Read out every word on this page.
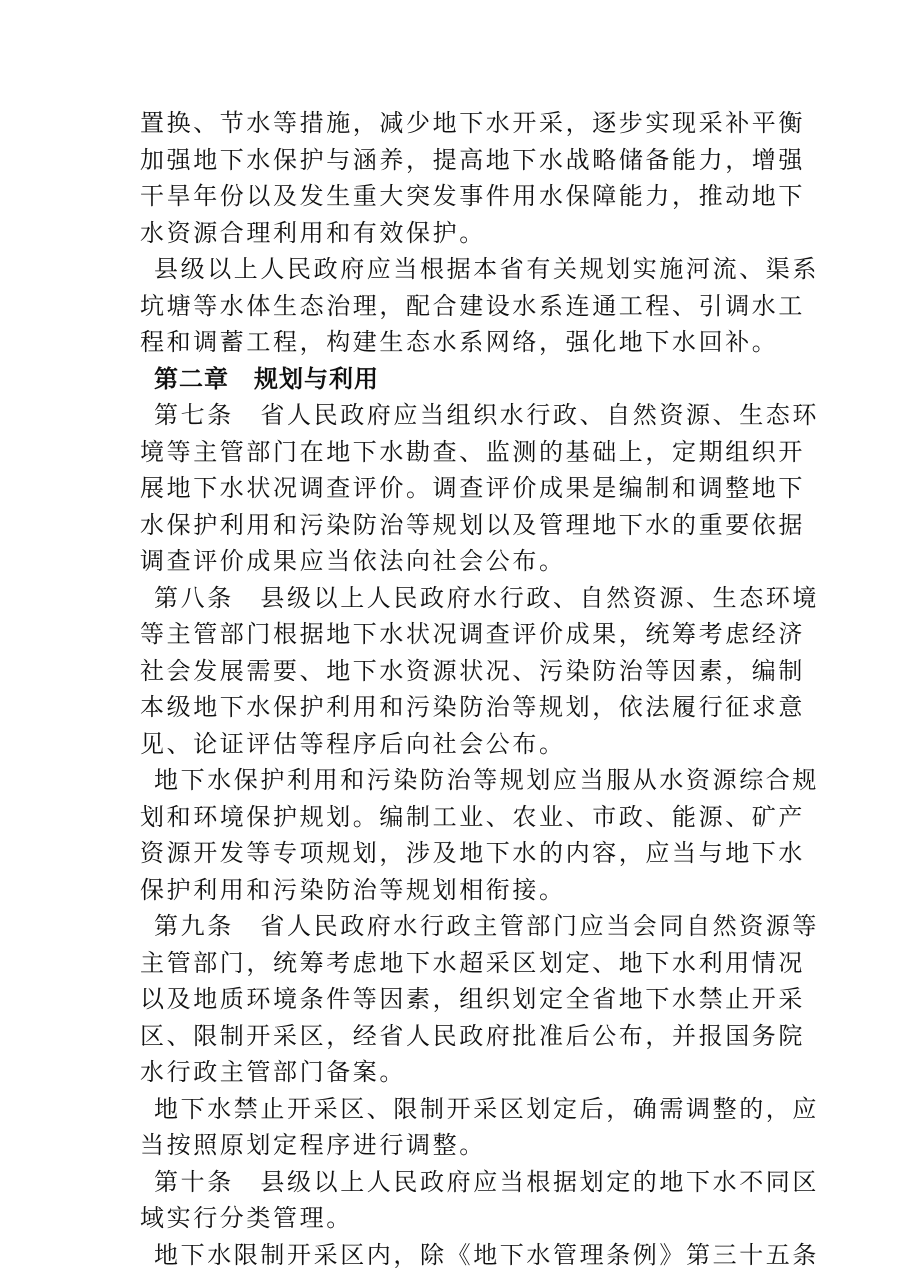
置换、节水等措施，减少地下水开采，逐步实现采补平衡
加强地下水保护与涵养，提高地下水战略储备能力，增强
干旱年份以及发生重大突发事件用水保障能力，推动地下
水资源合理利用和有效保护。
县级以上人民政府应当根据本省有关规划实施河流、渠系
坑塘等水体生态治理，配合建设水系连通工程、引调水工
程和调蓄工程，构建生态水系网络，强化地下水回补。
第二章　规划与利用
第七条　省人民政府应当组织水行政、自然资源、生态环
境等主管部门在地下水勘查、监测的基础上，定期组织开
展地下水状况调查评价。调查评价成果是编制和调整地下
水保护利用和污染防治等规划以及管理地下水的重要依据
调查评价成果应当依法向社会公布。
第八条　县级以上人民政府水行政、自然资源、生态环境
等主管部门根据地下水状况调查评价成果，统筹考虑经济
社会发展需要、地下水资源状况、污染防治等因素，编制
本级地下水保护利用和污染防治等规划，依法履行征求意
见、论证评估等程序后向社会公布。
地下水保护利用和污染防治等规划应当服从水资源综合规
划和环境保护规划。编制工业、农业、市政、能源、矿产
资源开发等专项规划，涉及地下水的内容，应当与地下水
保护利用和污染防治等规划相衔接。
第九条　省人民政府水行政主管部门应当会同自然资源等
主管部门，统筹考虑地下水超采区划定、地下水利用情况
以及地质环境条件等因素，组织划定全省地下水禁止开采
区、限制开采区，经省人民政府批准后公布，并报国务院
水行政主管部门备案。
地下水禁止开采区、限制开采区划定后，确需调整的，应
当按照原划定程序进行调整。
第十条　县级以上人民政府应当根据划定的地下水不同区
域实行分类管理。
地下水限制开采区内，除《地下水管理条例》第三十五条
